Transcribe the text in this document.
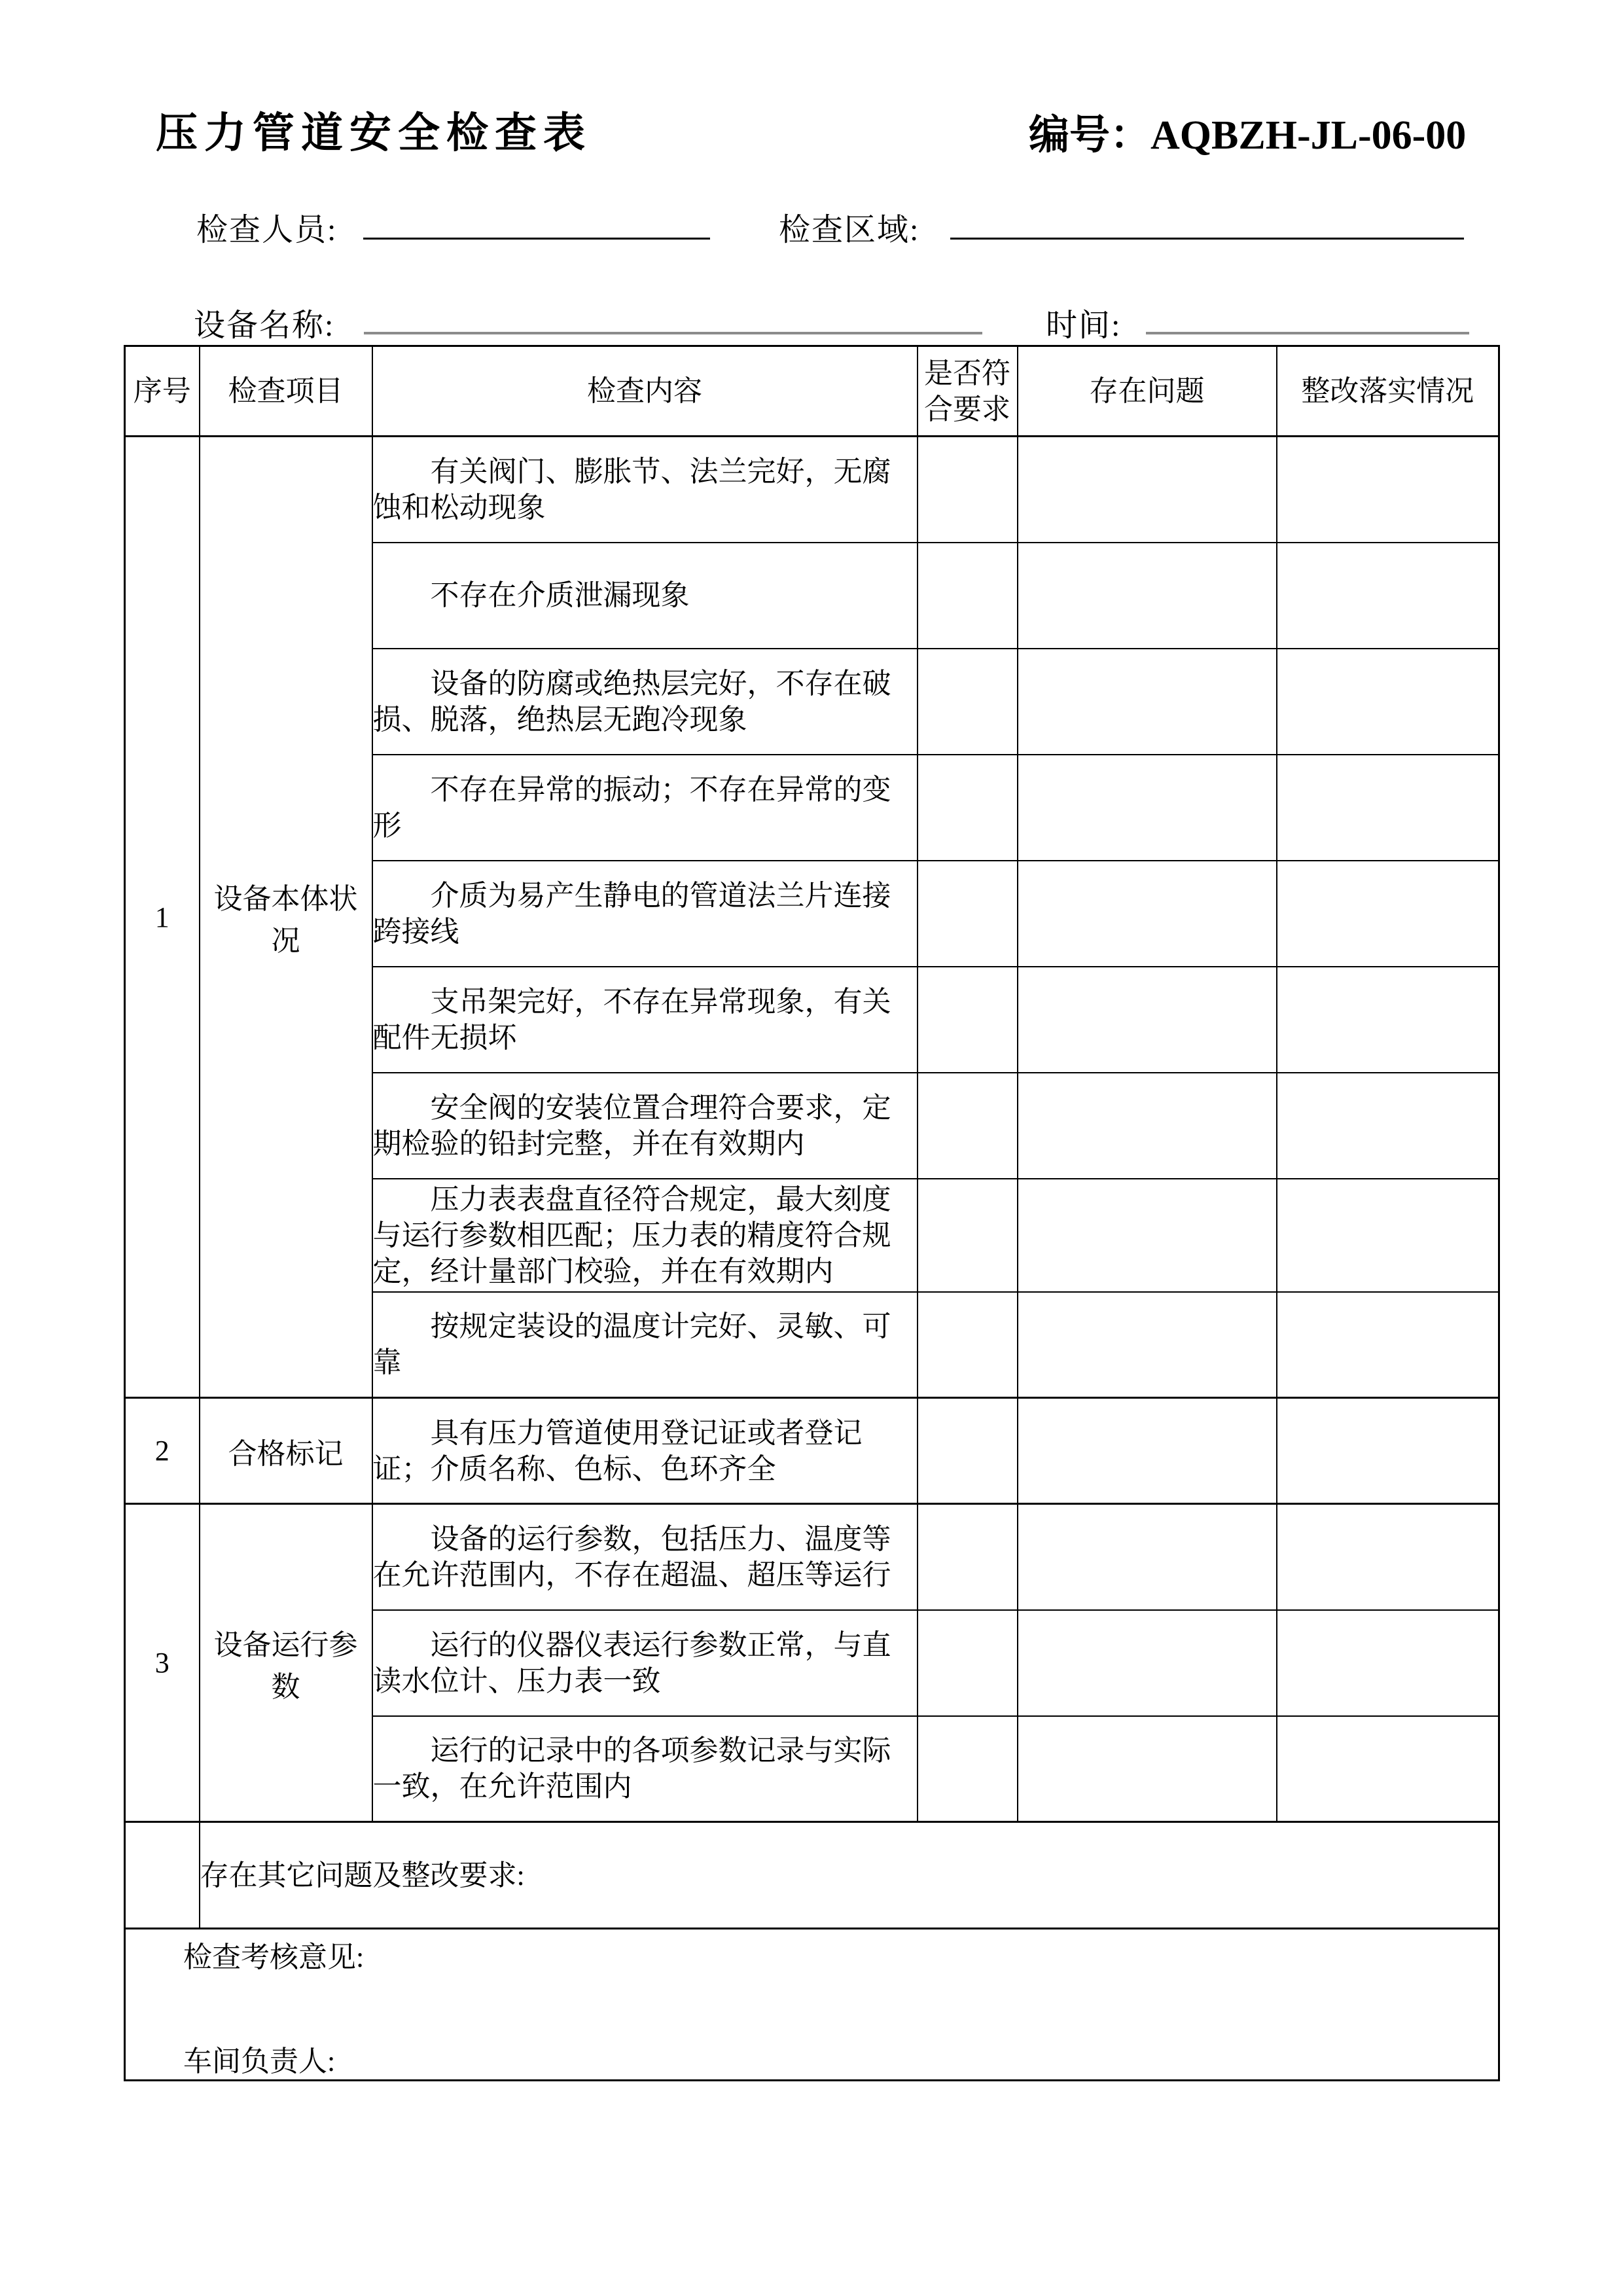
压力管道安全检查表	编号：AQBZH-JL-06-00
检查人员:	检查区域:
设备名称:	时间:
序号	检查项目	检查内容	是否符合要求	存在问题	整改落实情况
1	设备本体状况	有关阀门、膨胀节、法兰完好，无腐蚀和松动现象			

		不存在介质泄漏现象			

		设备的防腐或绝热层完好，不存在破损、脱落，绝热层无跑冷现象			

		不存在异常的振动；不存在异常的变形			

		介质为易产生静电的管道法兰片连接跨接线			

		支吊架完好，不存在异常现象，有关配件无损坏			

		安全阀的安装位置合理符合要求，定期检验的铅封完整，并在有效期内			

		压力表表盘直径符合规定，最大刻度与运行参数相匹配；压力表的精度符合规定，经计量部门校验，并在有效期内			

		按规定装设的温度计完好、灵敏、可靠			

2	合格标记	具有压力管道使用登记证或者登记证；介质名称、色标、色环齐全			

3	设备运行参数	设备的运行参数，包括压力、温度等在允许范围内，不存在超温、超压等运行			

		运行的仪器仪表运行参数正常，与直读水位计、压力表一致			

		运行的记录中的各项参数记录与实际一致，在允许范围内			

	存在其它问题及整改要求:				

检查考核意见:

车间负责人:					
